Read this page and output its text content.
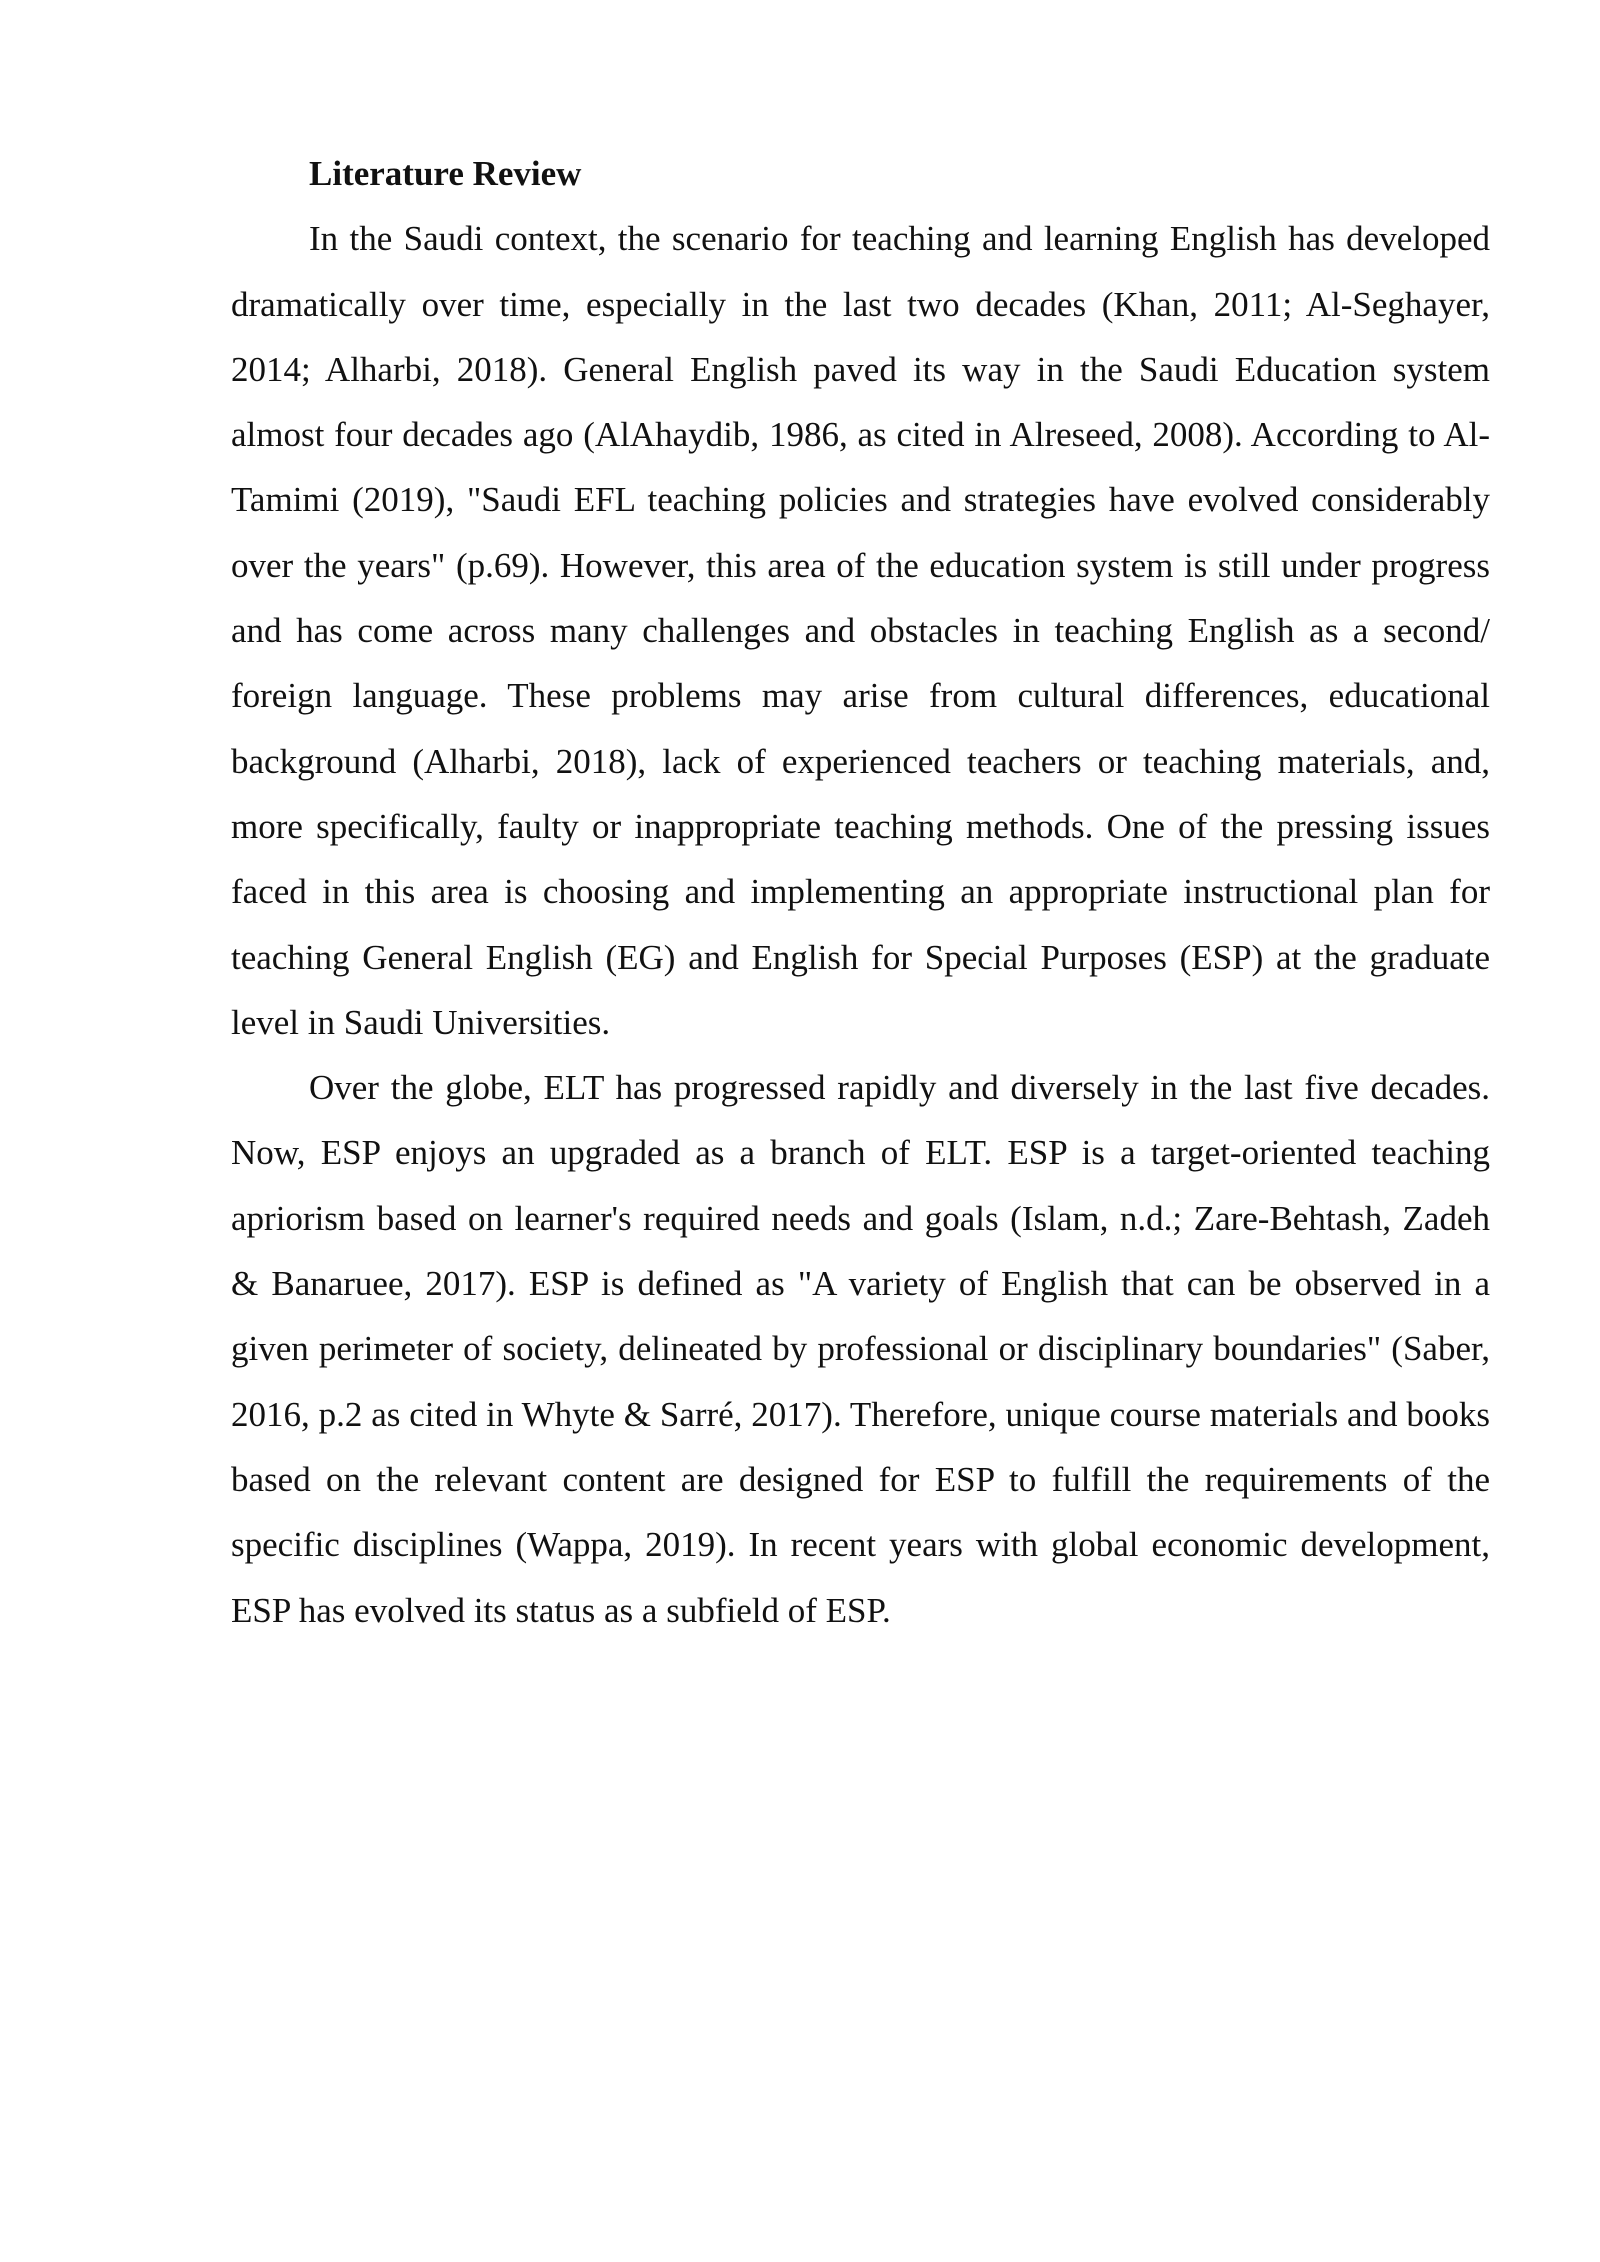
Literature Review

In the Saudi context, the scenario for teaching and learning English has developed dramatically over time, especially in the last two decades (Khan, 2011; Al-Seghayer, 2014; Alharbi, 2018). General English paved its way in the Saudi Education system almost four decades ago (AlAhaydib, 1986, as cited in Alreseed, 2008). According to Al-Tamimi (2019), "Saudi EFL teaching policies and strategies have evolved considerably over the years" (p.69). However, this area of the education system is still under progress and has come across many challenges and obstacles in teaching English as a second/ foreign language. These problems may arise from cultural differences, educational background (Alharbi, 2018), lack of experienced teachers or teaching materials, and, more specifically, faulty or inappropriate teaching methods. One of the pressing issues faced in this area is choosing and implementing an appropriate instructional plan for teaching General English (EG) and English for Special Purposes (ESP) at the graduate level in Saudi Universities.

Over the globe, ELT has progressed rapidly and diversely in the last five decades. Now, ESP enjoys an upgraded as a branch of ELT. ESP is a target-oriented teaching apriorism based on learner's required needs and goals (Islam, n.d.; Zare-Behtash, Zadeh & Banaruee, 2017). ESP is defined as "A variety of English that can be observed in a given perimeter of society, delineated by professional or disciplinary boundaries" (Saber, 2016, p.2 as cited in Whyte & Sarré, 2017). Therefore, unique course materials and books based on the relevant content are designed for ESP to fulfill the requirements of the specific disciplines (Wappa, 2019). In recent years with global economic development, ESP has evolved its status as a subfield of ESP.
